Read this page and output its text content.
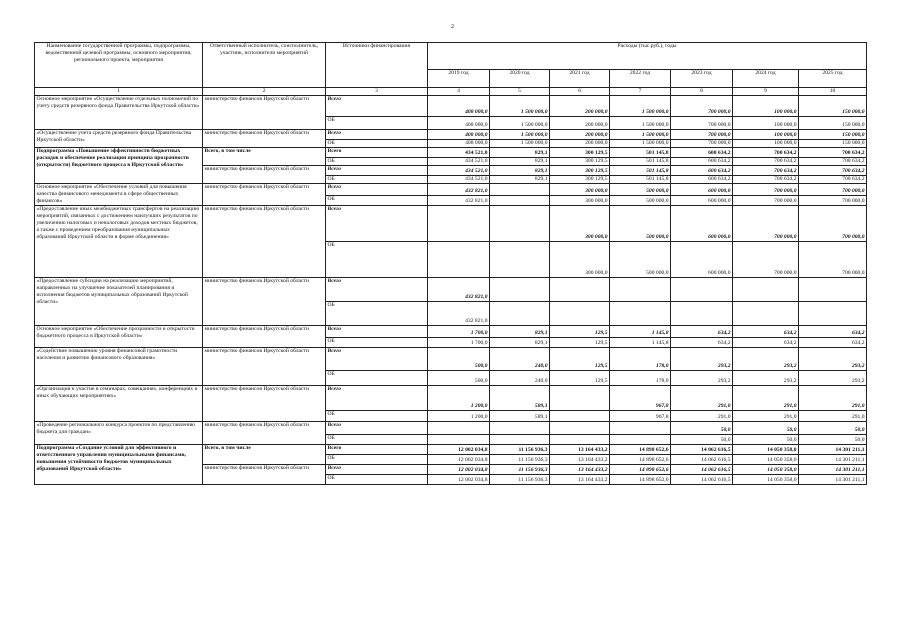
2
Наименование государственной программы, подпрограммы, ведомственной целевой программы, основного мероприятия, регионального проекта, мероприятия	Ответственный исполнитель, соисполнитель, участник, исполнители мероприятий	Источники финансирования	Расходы (тыс.руб.), годы						
			2019 год	2020 год	2021 год	2022 год	2023 год	2024 год	2025 год
1	2	3	4	5	6	7	8	9	10
Основное мероприятие «Осуществление отдельных полномочий по учету средств резервного фонда Правительства Иркутской области»	министерство финансов Иркутской области	Всего	408 000,0	1 500 000,0	200 000,0	1 500 000,0	700 000,0	100 000,0	150 000,0
		ОБ	408 000,0	1 500 000,0	200 000,0	1 500 000,0	700 000,0	100 000,0	150 000,0
«Осуществление учета средств резервного фонда Правительства Иркутской области»	министерство финансов Иркутской области	Всего	408 000,0	1 500 000,0	200 000,0	1 500 000,0	700 000,0	100 000,0	150 000,0
		ОБ	408 000,0	1 500 000,0	200 000,0	1 500 000,0	700 000,0	100 000,0	150 000,0
Подпрограмма «Повышение эффективности бюджетных расходов и обеспечение реализации принципа прозрачности (открытости) бюджетного процесса в Иркутской области»	Всего, в том числе	Всего	434 521,0	829,1	300 129,5	501 145,8	600 634,2	700 634,2	700 634,2
		ОБ	434 521,0	829,1	300 129,5	501 145,8	600 634,2	700 634,2	700 634,2
	министерство финансов Иркутской области	Всего	434 521,0	829,1	300 129,5	501 145,8	600 634,2	700 634,2	700 634,2
		ОБ	434 521,0	829,1	300 129,5	501 145,8	600 634,2	700 634,2	700 634,2
Основное мероприятие «Обеспечение условий для повышения качества финансового менеджмента в сфере общественных финансов»	министерство финансов Иркутской области	Всего	432 821,0		300 000,0	500 000,0	600 000,0	700 000,0	700 000,0
		ОБ	432 821,0		300 000,0	500 000,0	600 000,0	700 000,0	700 000,0
«Предоставление иных межбюджетных трансфертов на реализацию мероприятий, связанных с достижением наилучших результатов по увеличению налоговых и неналоговых доходов местных бюджетов, а также с проведением преобразования муниципальных образований Иркутской области в форме объединения»	министерство финансов Иркутской области	Всего			300 000,0	500 000,0	600 000,0	700 000,0	700 000,0
		ОБ			300 000,0	500 000,0	600 000,0	700 000,0	700 000,0
«Предоставление субсидии на реализацию мероприятий, направленных на улучшение показателей планирования и исполнения бюджетов муниципальных образований Иркутской области»	министерство финансов Иркутской области	Всего	432 821,0						
		ОБ	432 821,0						
Основное мероприятие «Обеспечение прозрачности и открытости бюджетного процесса в Иркутской области»	министерство финансов Иркутской области	Всего	1 700,0	829,1	129,5	1 145,8	634,2	634,2	634,2
		ОБ	1 700,0	829,1	129,5	1 145,8	634,2	634,2	634,2
«Содействие повышению уровня финансовой грамотности населения и развитию финансового образования»	министерство финансов Иркутской области	Всего	500,0	240,0	129,5	178,0	293,2	293,2	293,2
		ОБ	500,0	240,0	129,5	178,0	293,2	293,2	293,2
«Организация и участие в семинарах, совещаниях, конференциях и иных обучающих мероприятиях»	министерство финансов Иркутской области	Всего	1 200,0	589,1		967,8	291,0	291,0	291,0
		ОБ	1 200,0	589,1		967,8	291,0	291,0	291,0
«Проведение регионального конкурса проектов по представлению бюджета для граждан»	министерство финансов Иркутской области	Всего					50,0	50,0	50,0
		ОБ					50,0	50,0	50,0
Подпрограмма «Создание условий для эффективного и ответственного управления муниципальными финансами, повышения устойчивости бюджетов муниципальных образований Иркутской области»	Всего, в том числе	Всего	12 002 034,8	11 156 936,3	13 164 433,2	14 898 652,6	14 062 616,5	14 050 358,0	14 301 211,1
		ОБ	12 002 034,8	11 156 936,3	13 164 433,2	14 898 652,6	14 062 616,5	14 050 358,0	14 301 211,1
	министерство финансов Иркутской области	Всего	12 002 034,8	11 156 936,3	13 164 433,2	14 898 652,6	14 062 616,5	14 050 358,0	14 301 211,1
		ОБ	12 002 034,8	11 156 936,3	13 164 433,2	14 898 652,6	14 062 616,5	14 050 358,0	14 301 211,1
